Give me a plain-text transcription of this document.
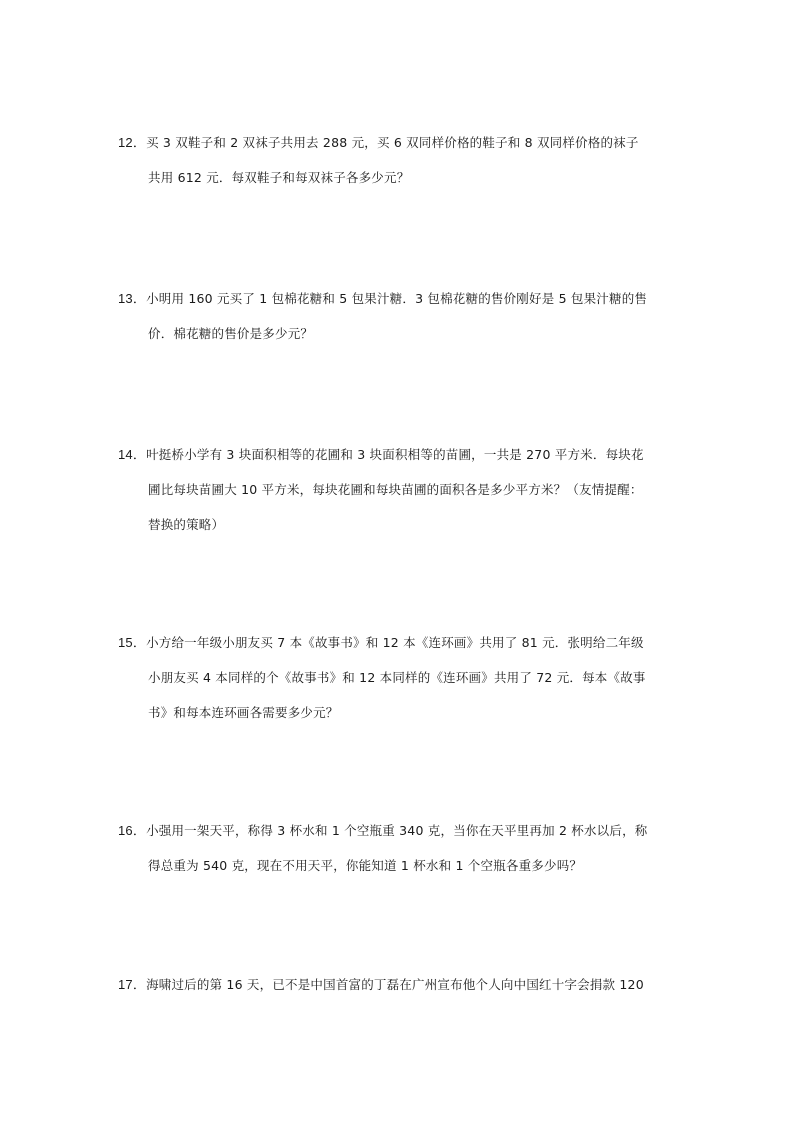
12．买 3 双鞋子和 2 双袜子共用去 288 元，买 6 双同样价格的鞋子和 8 双同样价格的袜子
共用 612 元．每双鞋子和每双袜子各多少元？
13．小明用 160 元买了 1 包棉花糖和 5 包果汁糖．3 包棉花糖的售价刚好是 5 包果汁糖的售
价．棉花糖的售价是多少元？
14．叶挺桥小学有 3 块面积相等的花圃和 3 块面积相等的苗圃，一共是 270 平方米．每块花
圃比每块苗圃大 10 平方米，每块花圃和每块苗圃的面积各是多少平方米？（友情提醒：
替换的策略）
15．小方给一年级小朋友买 7 本《故事书》和 12 本《连环画》共用了 81 元．张明给二年级
小朋友买 4 本同样的个《故事书》和 12 本同样的《连环画》共用了 72 元．每本《故事
书》和每本连环画各需要多少元？
16．小强用一架天平，称得 3 杯水和 1 个空瓶重 340 克，当你在天平里再加 2 杯水以后，称
得总重为 540 克，现在不用天平，你能知道 1 杯水和 1 个空瓶各重多少吗？
17．海啸过后的第 16 天，已不是中国首富的丁磊在广州宣布他个人向中国红十字会捐款 120
